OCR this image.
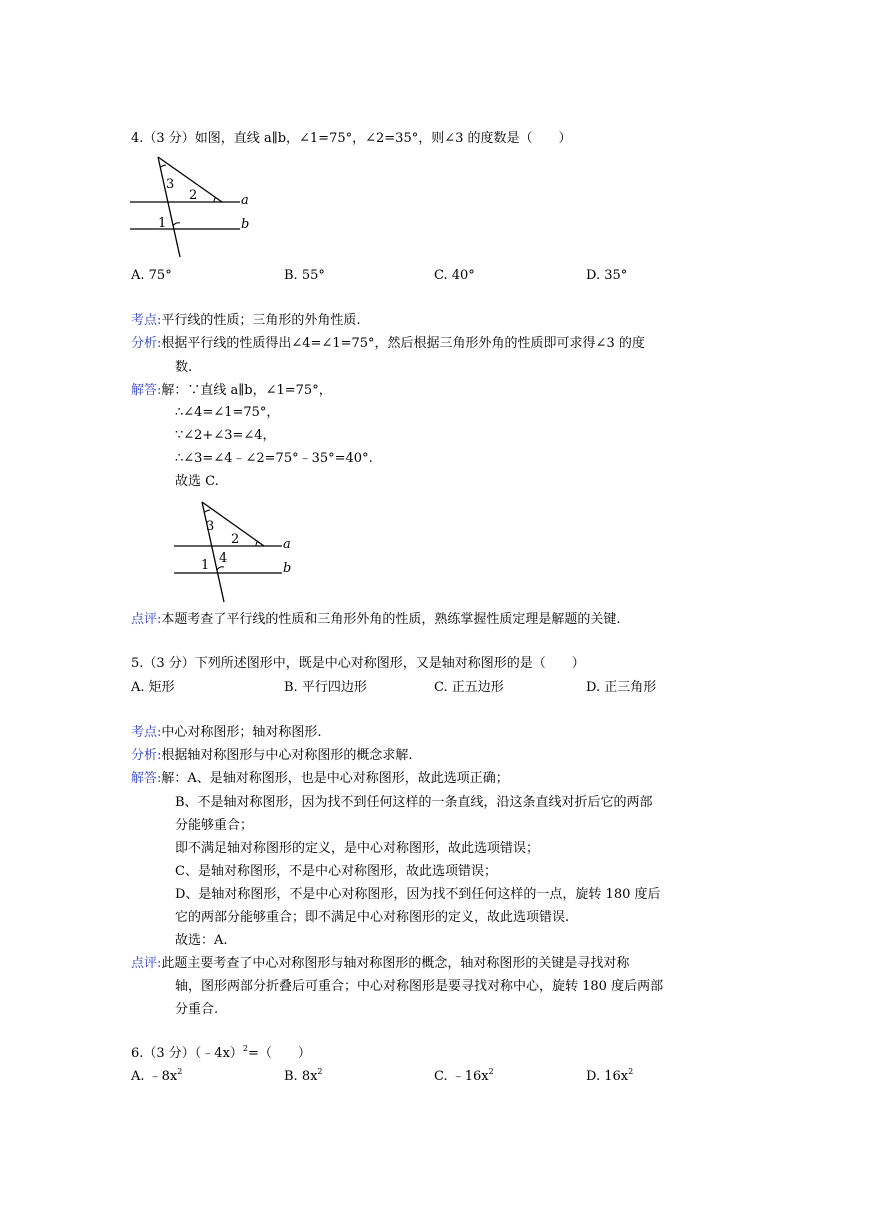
4.（3 分）如图，直线 a∥b，∠1=75°，∠2=35°，则∠3 的度数是（　　）
3
2	a
1	b
A. 75°	B. 55°	C. 40°	D. 35°
考点:平行线的性质；三角形的外角性质.
分析:根据平行线的性质得出∠4=∠1=75°，然后根据三角形外角的性质即可求得∠3 的度
数.
解答:解：∵直线 a∥b，∠1=75°，
∴∠4=∠1=75°，
∵∠2+∠3=∠4，
∴∠3=∠4﹣∠2=75°﹣35°=40°.
故选 C.
3
2	a
1 4
b
点评:本题考查了平行线的性质和三角形外角的性质，熟练掌握性质定理是解题的关键.
5.（3 分）下列所述图形中，既是中心对称图形，又是轴对称图形的是（　　）
A. 矩形	B. 平行四边形	C. 正五边形	D. 正三角形
考点:中心对称图形；轴对称图形.
分析:根据轴对称图形与中心对称图形的概念求解.
解答:解：A、是轴对称图形，也是中心对称图形，故此选项正确；
B、不是轴对称图形，因为找不到任何这样的一条直线，沿这条直线对折后它的两部
分能够重合；
即不满足轴对称图形的定义，是中心对称图形，故此选项错误；
C、是轴对称图形，不是中心对称图形，故此选项错误；
D、是轴对称图形，不是中心对称图形，因为找不到任何这样的一点，旋转 180 度后
它的两部分能够重合；即不满足中心对称图形的定义，故此选项错误.
故选：A.
点评:此题主要考查了中心对称图形与轴对称图形的概念，轴对称图形的关键是寻找对称
轴，图形两部分折叠后可重合；中心对称图形是要寻找对称中心，旋转 180 度后两部
分重合.
6.（3 分）（﹣4x）$^2$=（　　）
A. $﹣8x^2$	B. $8x^2$	C. $﹣16x^2$	D. $16x^2$
